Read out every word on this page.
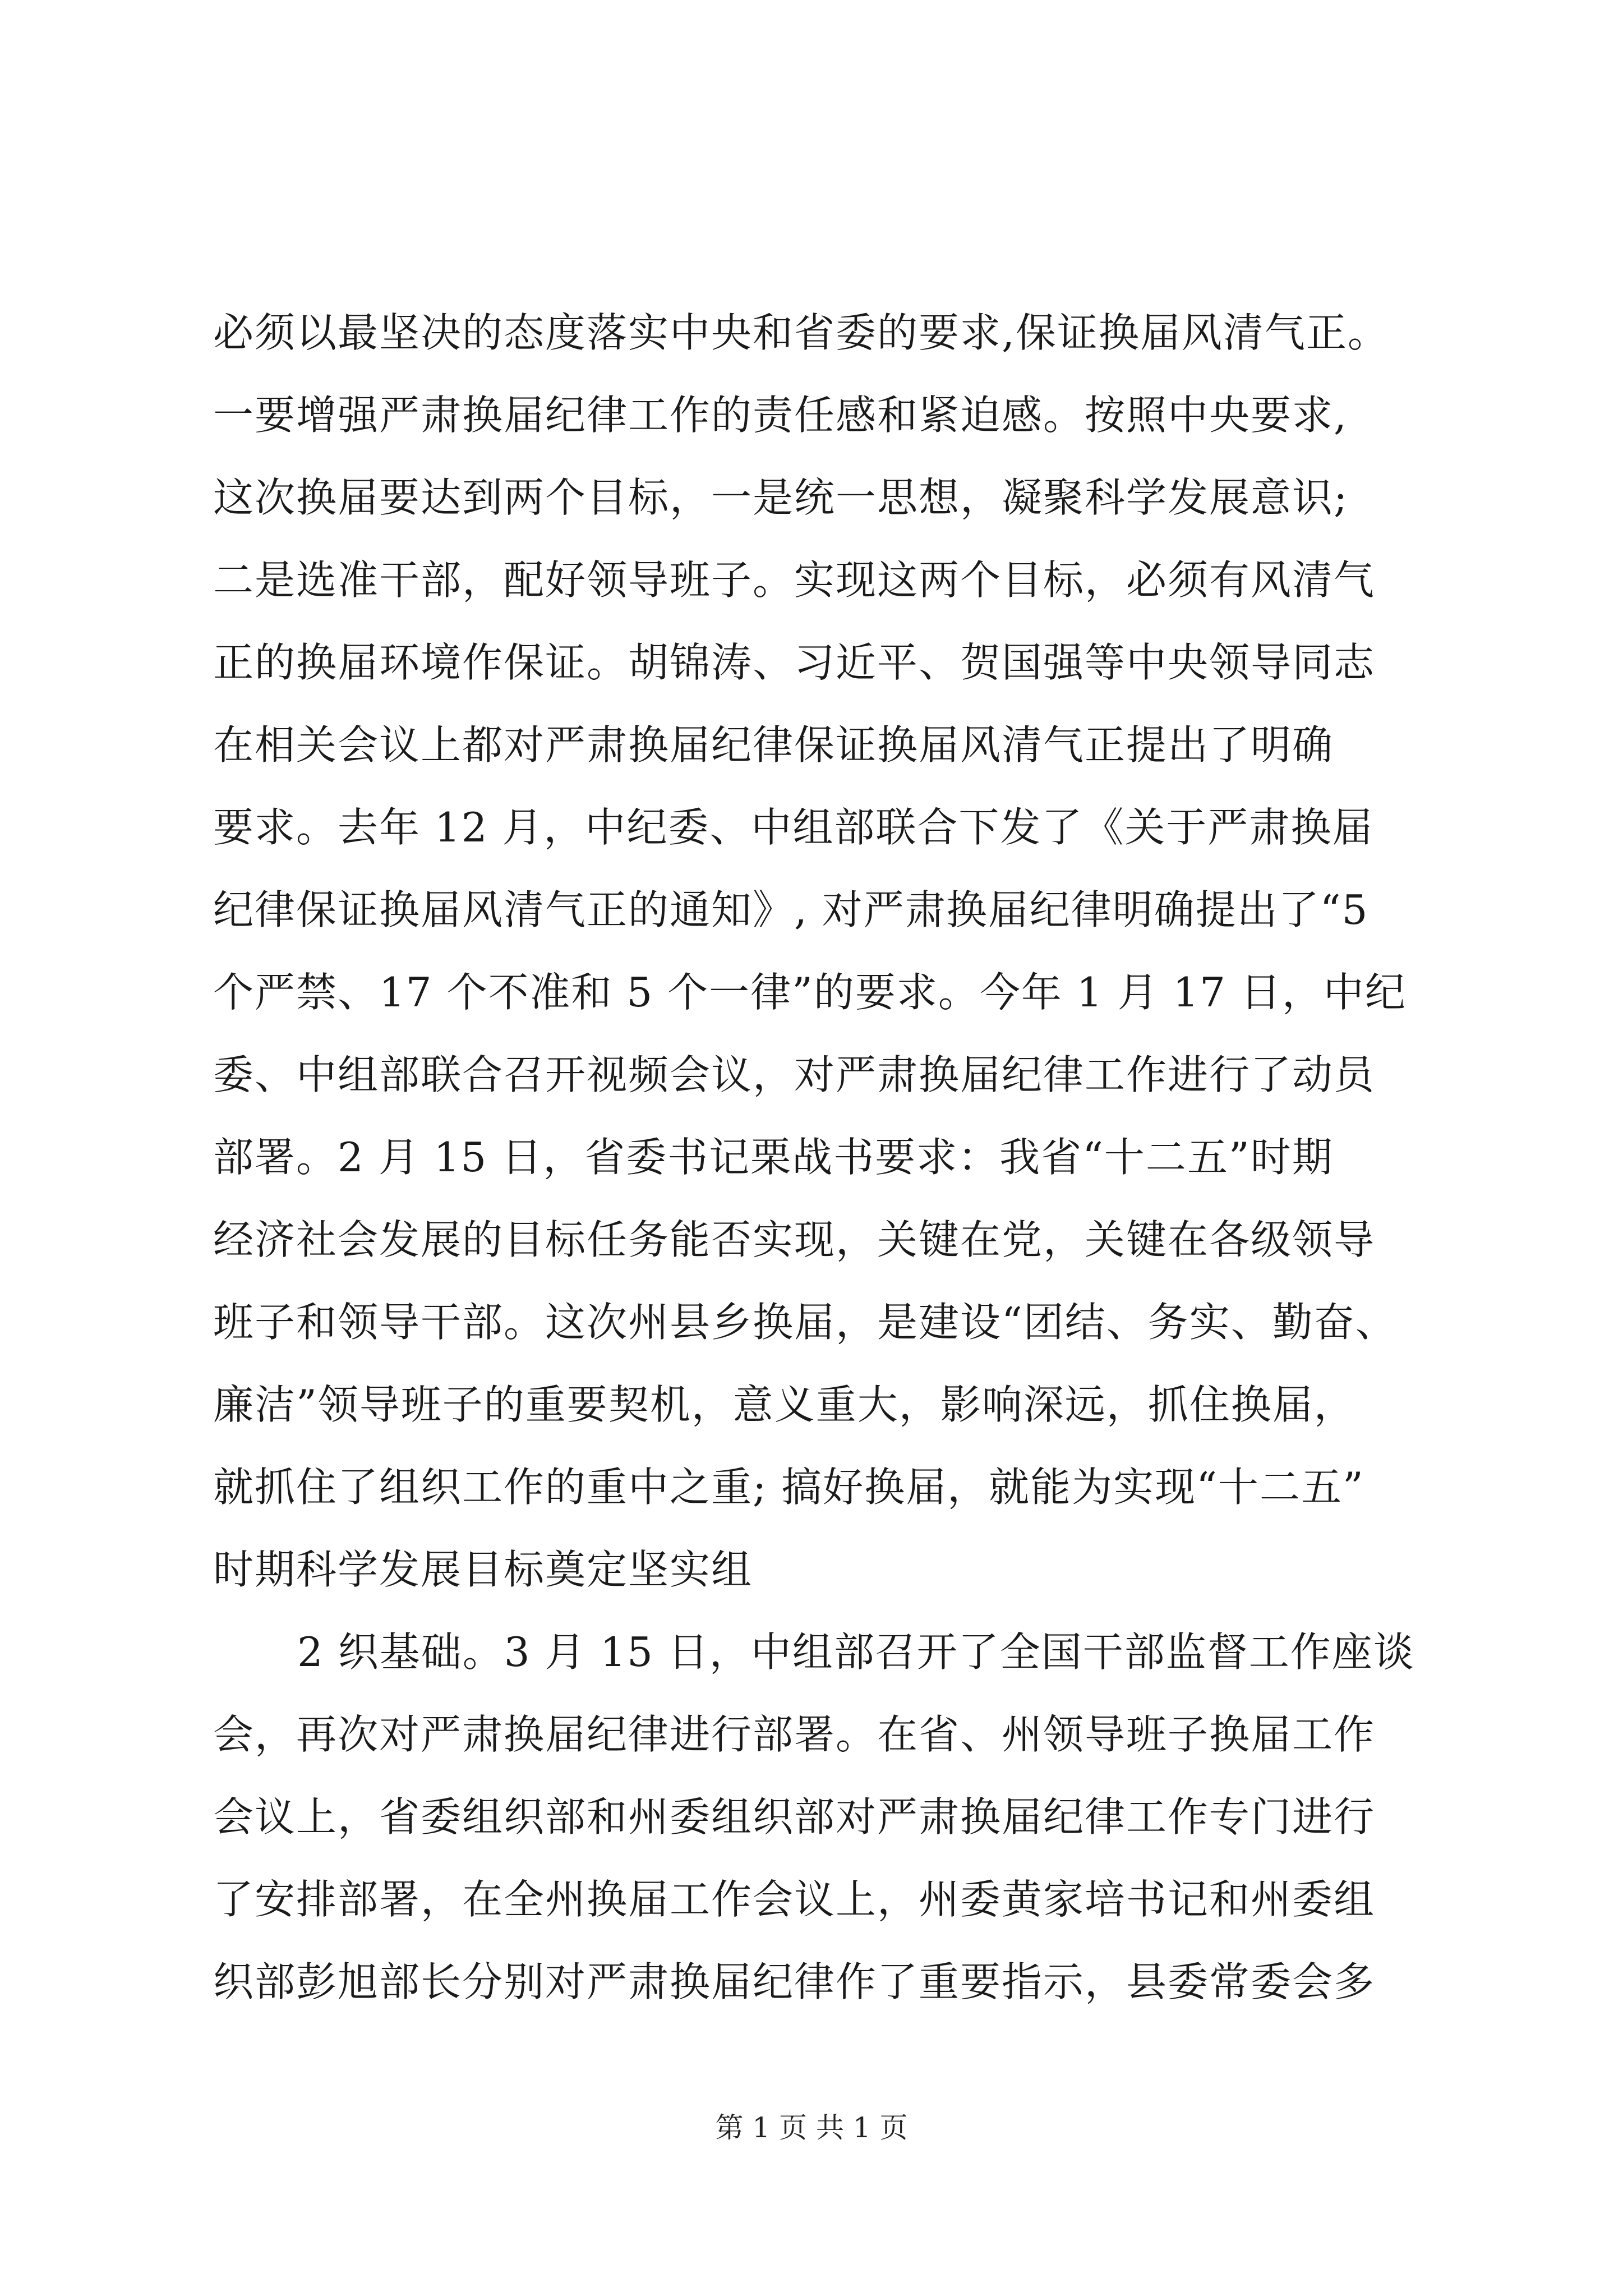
必须以最坚决的态度落实中央和省委的要求,保证换届风清气正。
一要增强严肃换届纪律工作的责任感和紧迫感。按照中央要求,
这次换届要达到两个目标，一是统一思想，凝聚科学发展意识;
二是选准干部，配好领导班子。实现这两个目标，必须有风清气
正的换届环境作保证。胡锦涛、习近平、贺国强等中央领导同志
在相关会议上都对严肃换届纪律保证换届风清气正提出了明确
要求。去年 12 月，中纪委、中组部联合下发了《关于严肃换届
纪律保证换届风清气正的通知》, 对严肃换届纪律明确提出了“5
个严禁、17 个不准和 5 个一律”的要求。今年 1 月 17 日，中纪
委、中组部联合召开视频会议，对严肃换届纪律工作进行了动员
部署。2 月 15 日，省委书记栗战书要求：我省“十二五”时期
经济社会发展的目标任务能否实现，关键在党，关键在各级领导
班子和领导干部。这次州县乡换届，是建设“团结、务实、勤奋、
廉洁”领导班子的重要契机，意义重大，影响深远，抓住换届，
就抓住了组织工作的重中之重; 搞好换届，就能为实现“十二五”
时期科学发展目标奠定坚实组
2 织基础。3 月 15 日，中组部召开了全国干部监督工作座谈
会，再次对严肃换届纪律进行部署。在省、州领导班子换届工作
会议上，省委组织部和州委组织部对严肃换届纪律工作专门进行
了安排部署，在全州换届工作会议上，州委黄家培书记和州委组
织部彭旭部长分别对严肃换届纪律作了重要指示，县委常委会多
第 1 页 共 1 页
